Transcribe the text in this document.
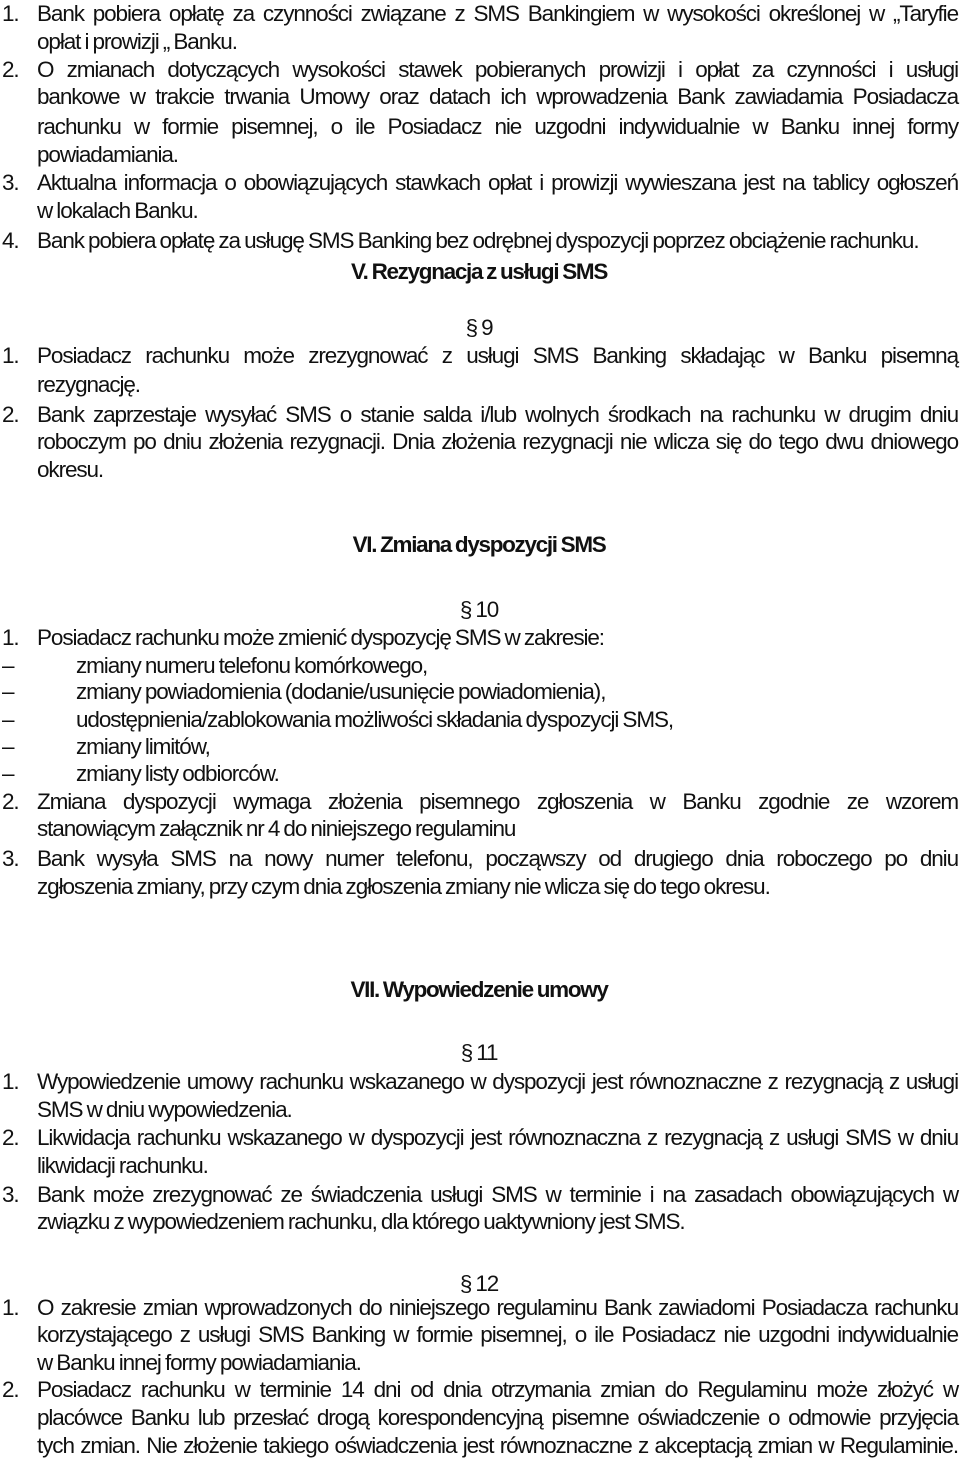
1. Bank pobiera opłatę za czynności związane z SMS Bankingiem w wysokości określonej w „Taryfie
opłat i prowizji „ Banku.
2. O zmianach dotyczących wysokości stawek pobieranych prowizji i opłat za czynności i usługi
bankowe w trakcie trwania Umowy oraz datach ich wprowadzenia Bank zawiadamia Posiadacza
rachunku w formie pisemnej, o ile Posiadacz nie uzgodni indywidualnie w Banku innej formy
powiadamiania.
3. Aktualna informacja o obowiązujących stawkach opłat i prowizji wywieszana jest na tablicy ogłoszeń
w lokalach Banku.
4. Bank pobiera opłatę za usługę SMS Banking bez odrębnej dyspozycji poprzez obciążenie rachunku.
V. Rezygnacja z usługi SMS
§ 9
1. Posiadacz rachunku może zrezygnować z usługi SMS Banking składając w Banku pisemną
rezygnację.
2. Bank zaprzestaje wysyłać SMS o stanie salda i/lub wolnych środkach na rachunku w drugim dniu
roboczym po dniu złożenia rezygnacji. Dnia złożenia rezygnacji nie wlicza się do tego dwu dniowego
okresu.
VI. Zmiana dyspozycji SMS
§ 10
1. Posiadacz rachunku może zmienić dyspozycję SMS w zakresie:
–	zmiany numeru telefonu komórkowego,
–	zmiany powiadomienia (dodanie/usunięcie powiadomienia),
–	udostępnienia/zablokowania możliwości składania dyspozycji SMS,
–	zmiany limitów,
–	zmiany listy odbiorców.
2. Zmiana dyspozycji wymaga złożenia pisemnego zgłoszenia w Banku zgodnie ze wzorem
stanowiącym załącznik nr 4 do niniejszego regulaminu
3. Bank wysyła SMS na nowy numer telefonu, począwszy od drugiego dnia roboczego po dniu
zgłoszenia zmiany, przy czym dnia zgłoszenia zmiany nie wlicza się do tego okresu.
VII. Wypowiedzenie umowy
§ 11
1. Wypowiedzenie umowy rachunku wskazanego w dyspozycji jest równoznaczne z rezygnacją z usługi
SMS w dniu wypowiedzenia.
2. Likwidacja rachunku wskazanego w dyspozycji jest równoznaczna z rezygnacją z usługi SMS w dniu
likwidacji rachunku.
3. Bank może zrezygnować ze świadczenia usługi SMS w terminie i na zasadach obowiązujących w
związku z wypowiedzeniem rachunku, dla którego uaktywniony jest SMS.
§ 12
1. O zakresie zmian wprowadzonych do niniejszego regulaminu Bank zawiadomi Posiadacza rachunku
korzystającego z usługi SMS Banking w formie pisemnej, o ile Posiadacz nie uzgodni indywidualnie
w Banku innej formy powiadamiania.
2. Posiadacz rachunku w terminie 14 dni od dnia otrzymania zmian do Regulaminu może złożyć w
placówce Banku lub przesłać drogą korespondencyjną pisemne oświadczenie o odmowie przyjęcia
tych zmian. Nie złożenie takiego oświadczenia jest równoznaczne z akceptacją zmian w Regulaminie.
